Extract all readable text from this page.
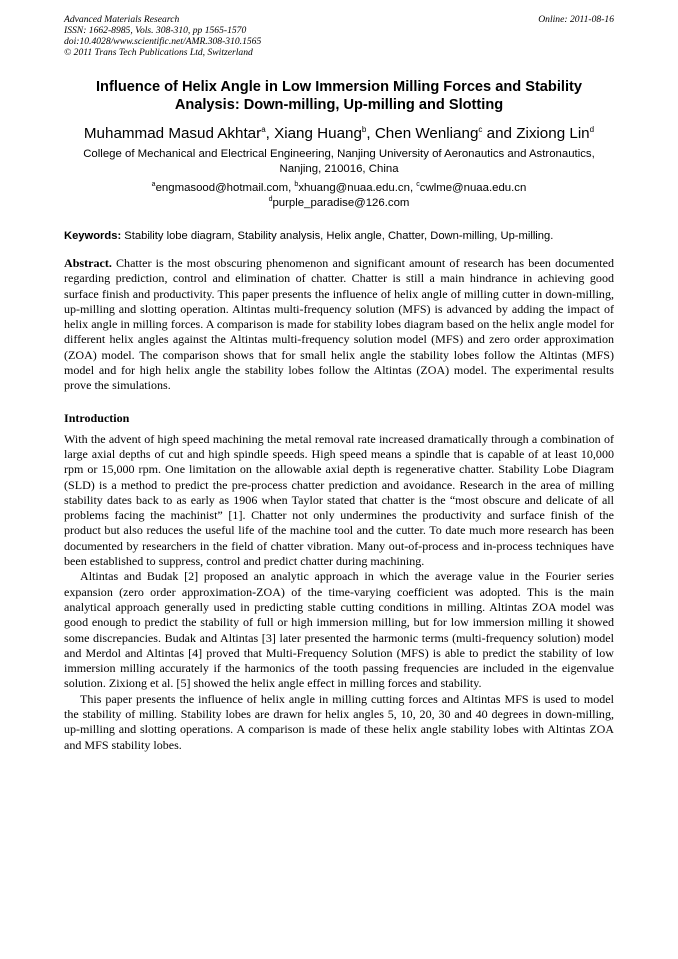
Advanced Materials Research
ISSN: 1662-8985, Vols. 308-310, pp 1565-1570
doi:10.4028/www.scientific.net/AMR.308-310.1565
© 2011 Trans Tech Publications Ltd, Switzerland
Online: 2011-08-16
Influence of Helix Angle in Low Immersion Milling Forces and Stability
Analysis: Down-milling, Up-milling and Slotting
Muhammad Masud Akhtar$^a$, Xiang Huang$^b$, Chen Wenliang$^c$ and Zixiong Lin$^d$
College of Mechanical and Electrical Engineering, Nanjing University of Aeronautics and Astronautics, Nanjing, 210016, China
$^a$engmasood@hotmail.com, $^b$xhuang@nuaa.edu.cn, $^c$cwlme@nuaa.edu.cn
$^d$purple_paradise@126.com
Keywords: Stability lobe diagram, Stability analysis, Helix angle, Chatter, Down-milling, Up-milling.

Abstract. Chatter is the most obscuring phenomenon and significant amount of research has been documented regarding prediction, control and elimination of chatter. Chatter is still a main hindrance in achieving good surface finish and productivity. This paper presents the influence of helix angle of milling cutter in down-milling, up-milling and slotting operation. Altintas multi-frequency solution (MFS) is advanced by adding the impact of helix angle in milling forces. A comparison is made for stability lobes diagram based on the helix angle model for different helix angles against the Altintas multi-frequency solution model (MFS) and zero order approximation (ZOA) model. The comparison shows that for small helix angle the stability lobes follow the Altintas (MFS) model and for high helix angle the stability lobes follow the Altintas (ZOA) model. The experimental results prove the simulations.

Introduction

With the advent of high speed machining the metal removal rate increased dramatically through a combination of large axial depths of cut and high spindle speeds. High speed means a spindle that is capable of at least 10,000 rpm or 15,000 rpm. One limitation on the allowable axial depth is regenerative chatter. Stability Lobe Diagram (SLD) is a method to predict the pre-process chatter prediction and avoidance. Research in the area of milling stability dates back to as early as 1906 when Taylor stated that chatter is the “most obscure and delicate of all problems facing the machinist” [1]. Chatter not only undermines the productivity and surface finish of the product but also reduces the useful life of the machine tool and the cutter. To date much more research has been documented by researchers in the field of chatter vibration. Many out-of-process and in-process techniques have been established to suppress, control and predict chatter during machining.

Altintas and Budak [2] proposed an analytic approach in which the average value in the Fourier series expansion (zero order approximation-ZOA) of the time-varying coefficient was adopted. This is the main analytical approach generally used in predicting stable cutting conditions in milling. Altintas ZOA model was good enough to predict the stability of full or high immersion milling, but for low immersion milling it showed some discrepancies. Budak and Altintas [3] later presented the harmonic terms (multi-frequency solution) model and Merdol and Altintas [4] proved that Multi-Frequency Solution (MFS) is able to predict the stability of low immersion milling accurately if the harmonics of the tooth passing frequencies are included in the eigenvalue solution. Zixiong et al. [5] showed the helix angle effect in milling forces and stability.

This paper presents the influence of helix angle in milling cutting forces and Altintas MFS is used to model the stability of milling. Stability lobes are drawn for helix angles 5, 10, 20, 30 and 40 degrees in down-milling, up-milling and slotting operations. A comparison is made of these helix angle stability lobes with Altintas ZOA and MFS stability lobes.
